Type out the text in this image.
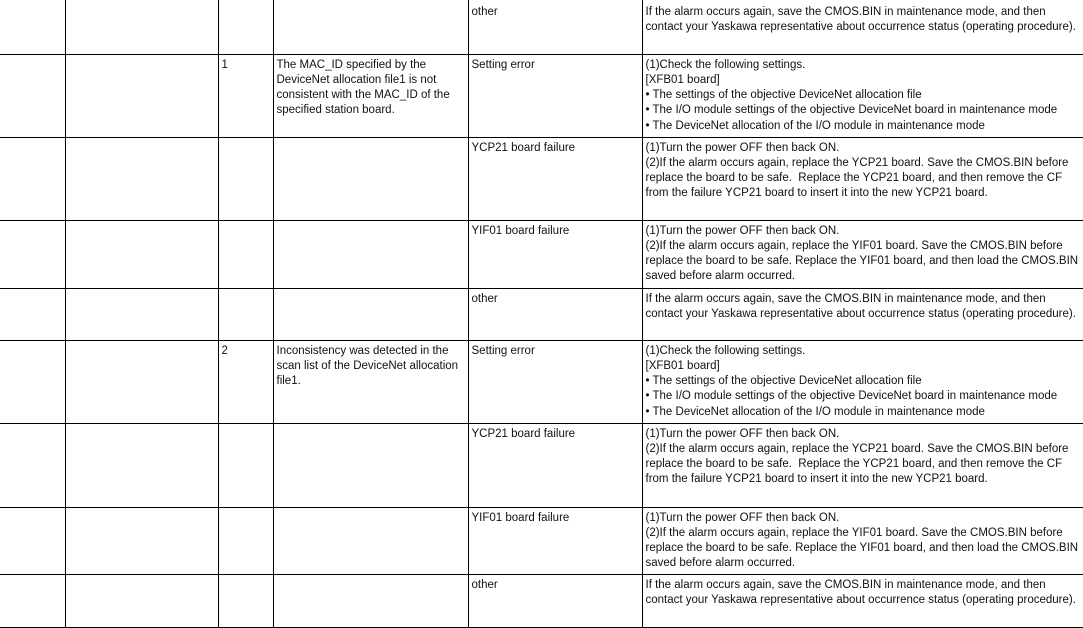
				other	If the alarm occurs again, save the CMOS.BIN in maintenance mode, and then contact your Yaskawa representative about occurrence status (operating procedure).

		1	The MAC_ID specified by the DeviceNet allocation file1 is not consistent with the MAC_ID of the specified station board.	Setting error	(1)Check the following settings.
[XFB01 board]
• The settings of the objective DeviceNet allocation file
• The I/O module settings of the objective DeviceNet board in maintenance mode
• The DeviceNet allocation of the I/O module in maintenance mode

				YCP21 board failure	(1)Turn the power OFF then back ON.
(2)If the alarm occurs again, replace the YCP21 board. Save the CMOS.BIN before replace the board to be safe.  Replace the YCP21 board, and then remove the CF from the failure YCP21 board to insert it into the new YCP21 board.

				YIF01 board failure	(1)Turn the power OFF then back ON.
(2)If the alarm occurs again, replace the YIF01 board. Save the CMOS.BIN before replace the board to be safe. Replace the YIF01 board, and then load the CMOS.BIN saved before alarm occurred.

				other	If the alarm occurs again, save the CMOS.BIN in maintenance mode, and then contact your Yaskawa representative about occurrence status (operating procedure).

		2	Inconsistency was detected in the scan list of the DeviceNet allocation file1.	Setting error	(1)Check the following settings.
[XFB01 board]
• The settings of the objective DeviceNet allocation file
• The I/O module settings of the objective DeviceNet board in maintenance mode
• The DeviceNet allocation of the I/O module in maintenance mode

				YCP21 board failure	(1)Turn the power OFF then back ON.
(2)If the alarm occurs again, replace the YCP21 board. Save the CMOS.BIN before replace the board to be safe.  Replace the YCP21 board, and then remove the CF from the failure YCP21 board to insert it into the new YCP21 board.

				YIF01 board failure	(1)Turn the power OFF then back ON.
(2)If the alarm occurs again, replace the YIF01 board. Save the CMOS.BIN before replace the board to be safe. Replace the YIF01 board, and then load the CMOS.BIN saved before alarm occurred.

				other	If the alarm occurs again, save the CMOS.BIN in maintenance mode, and then contact your Yaskawa representative about occurrence status (operating procedure).
